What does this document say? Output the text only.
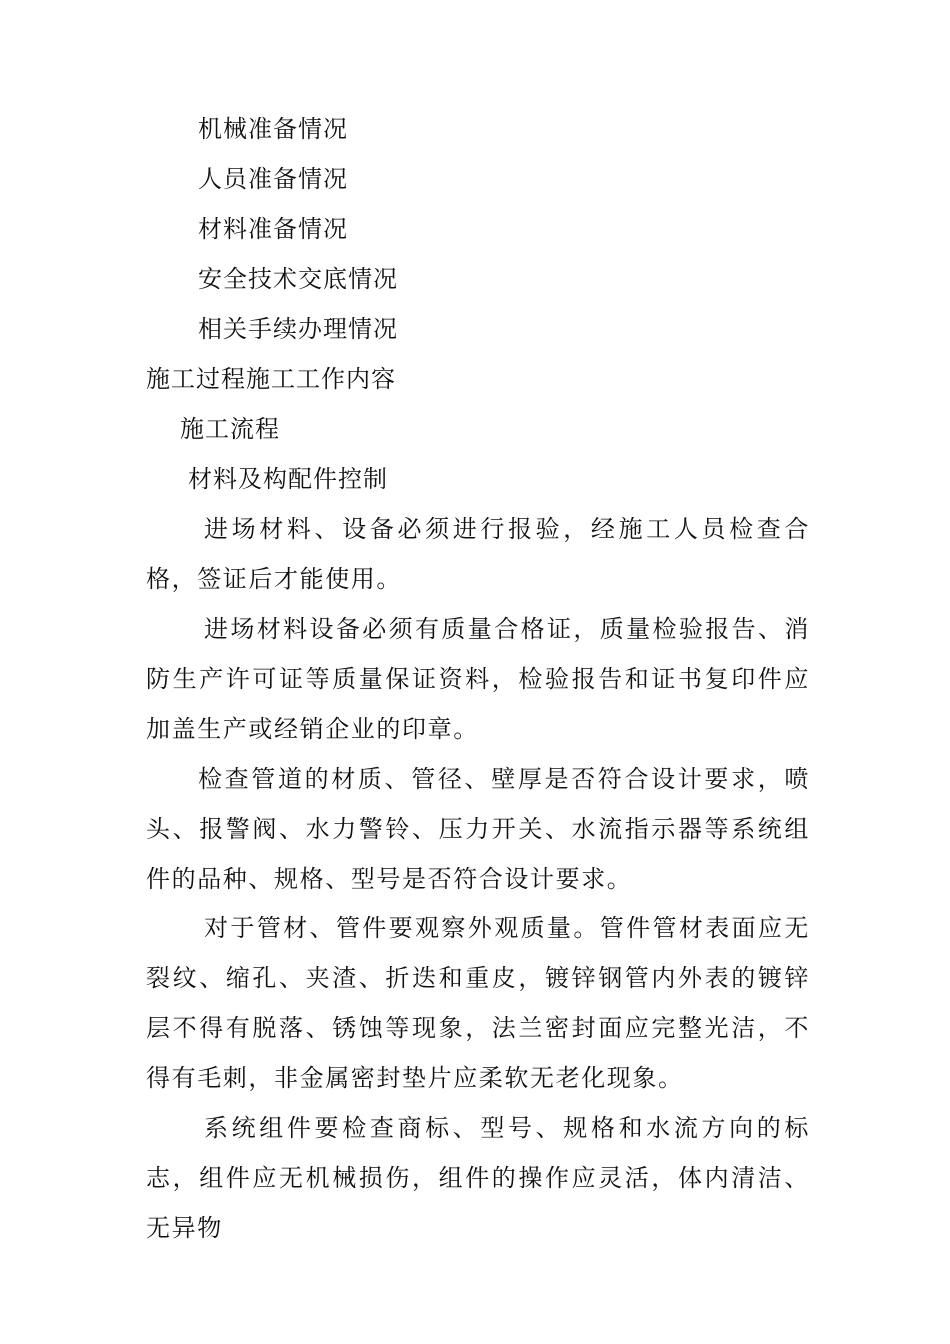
机械准备情况
人员准备情况
材料准备情况
安全技术交底情况
相关手续办理情况
施工过程施工工作内容
施工流程
材料及构配件控制
进场材料、设备必须进行报验，经施工人员检查合格，签证后才能使用。
进场材料设备必须有质量合格证，质量检验报告、消防生产许可证等质量保证资料，检验报告和证书复印件应加盖生产或经销企业的印章。
检查管道的材质、管径、壁厚是否符合设计要求，喷头、报警阀、水力警铃、压力开关、水流指示器等系统组件的品种、规格、型号是否符合设计要求。
对于管材、管件要观察外观质量。管件管材表面应无裂纹、缩孔、夹渣、折迭和重皮，镀锌钢管内外表的镀锌层不得有脱落、锈蚀等现象，法兰密封面应完整光洁，不得有毛刺，非金属密封垫片应柔软无老化现象。
系统组件要检查商标、型号、规格和水流方向的标志，组件应无机械损伤，组件的操作应灵活，体内清洁、无异物
